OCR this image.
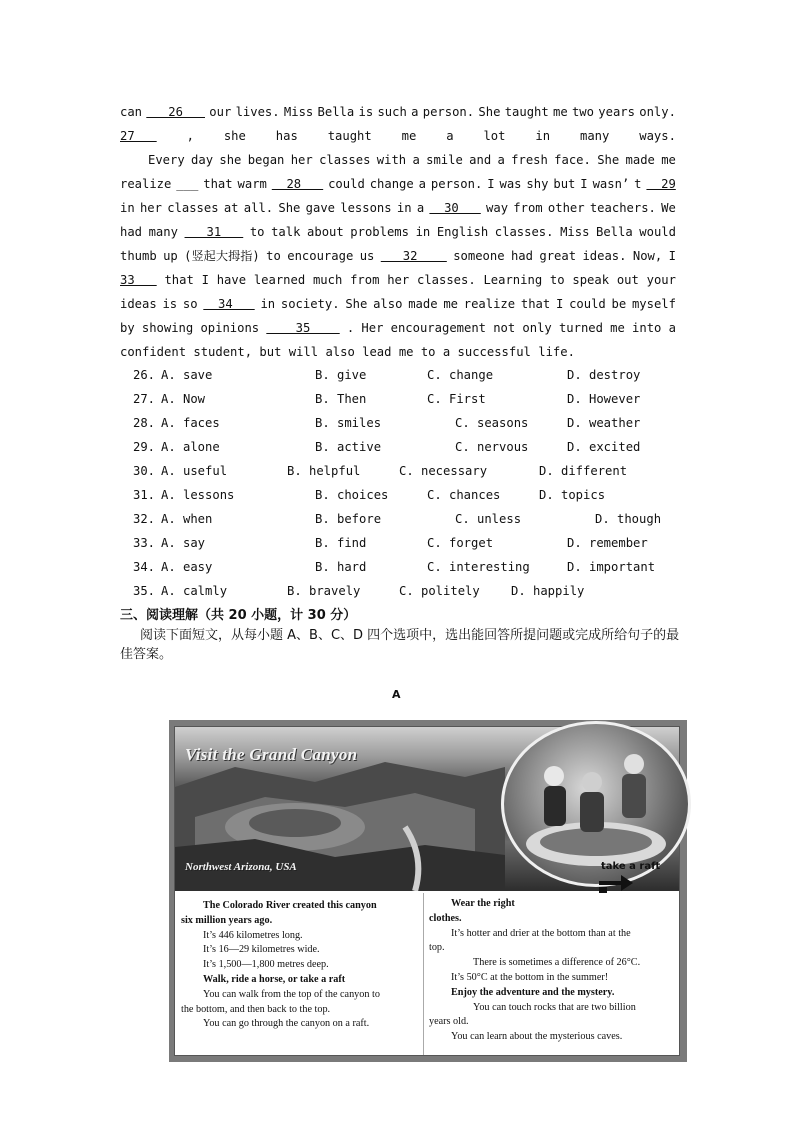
can 26 our lives. Miss Bella is such a person. She taught me two years only.
27 , she has taught me a lot in many ways.
Every day she began her classes with a smile and a fresh face. She made me
realize ___ that warm 28 could change a person. I was shy but I wasn’ t 29
in her classes at all. She gave lessons in a 30 way from other teachers. We
had many 31 to talk about problems in English classes. Miss Bella would
thumb up (竖起大拇指) to encourage us 32 someone had great ideas. Now, I
33 that I have learned much from her classes. Learning to speak out your
ideas is so 34 in society. She also made me realize that I could be myself
by showing opinions 35 . Her encouragement not only turned me into a
confident student, but will also lead me to a successful life.
26. A. save	B. give	C. change	D. destroy
27. A. Now	B. Then	C. First	D. However
28. A. faces	B. smiles	C. seasons	D. weather
29. A. alone	B. active	C. nervous	D. excited
30. A. useful	B. helpful	C. necessary	D. different
31. A. lessons	B. choices	C. chances	D. topics
32. A. when	B. before	C. unless	D. though
33. A. say	B. find	C. forget	D. remember
34. A. easy	B. hard	C. interesting	D. important
35. A. calmly	B. bravely	C. politely	D. happily
三、阅读理解（共 20 小题，计 30 分）
阅读下面短文，从每小题 A、B、C、D 四个选项中，选出能回答所提问题或完成所给句子的最佳答案。
A
Visit the Grand Canyon
Northwest Arizona, USA	take a raft
The Colorado River created this canyon
six million years ago.
It’s 446 kilometres long.
It’s 16—29 kilometres wide.
It’s 1,500—1,800 metres deep.
Walk, ride a horse, or take a raft
You can walk from the top of the canyon to
the bottom, and then back to the top.
You can go through the canyon on a raft.
Wear the right
clothes.
It’s hotter and drier at the bottom than at the
top.
There is sometimes a difference of 26°C.
It’s 50°C at the bottom in the summer!
Enjoy the adventure and the mystery.
You can touch rocks that are two billion
years old.
You can learn about the mysterious caves.
